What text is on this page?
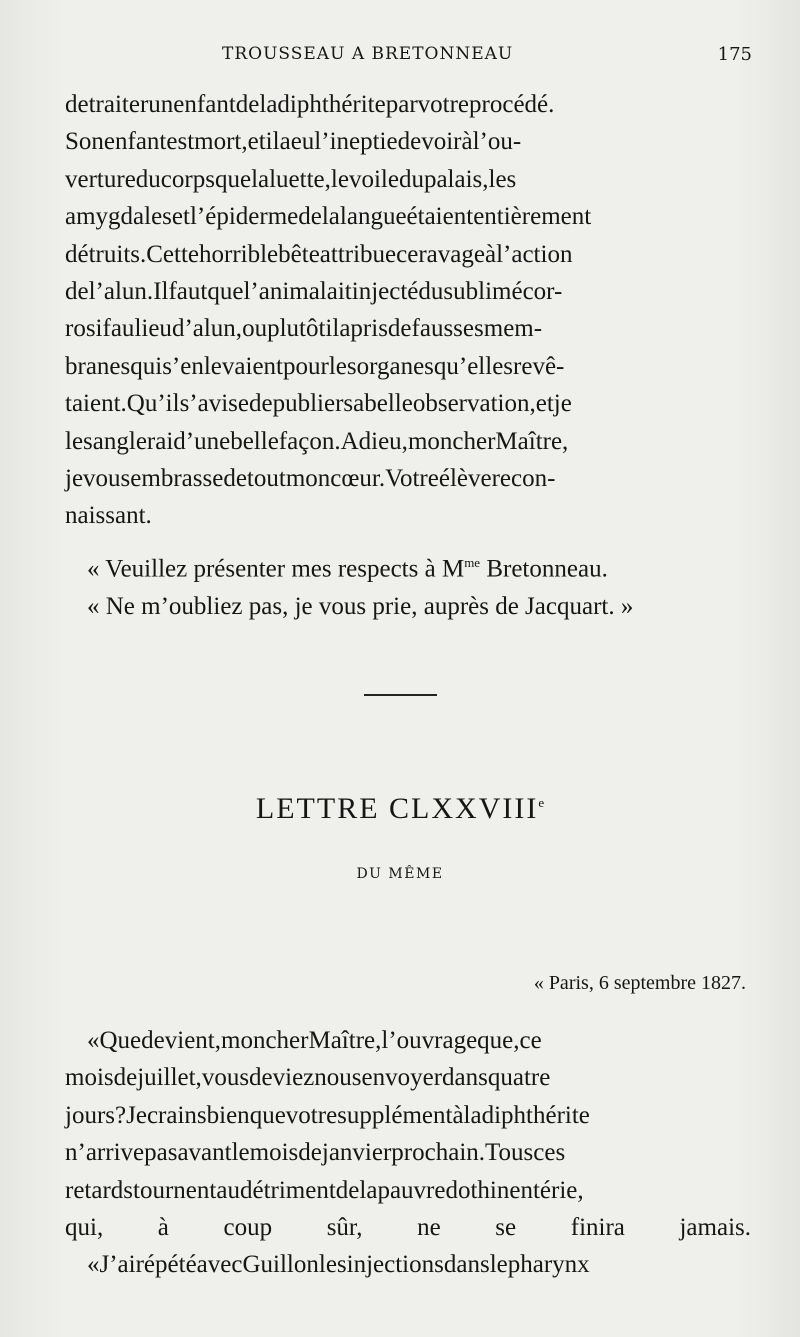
TROUSSEAU A BRETONNEAU	175
detraiterunenfantdeladiphthériteparvotreprocédé.
Sonenfantestmort,etilaeul’ineptiedevoiràl’ou-
vertureducorpsquelaluette,levoiledupalais,les
amygdalesetl’épidermedelalangueétaiententièrement
détruits.Cettehorriblebêteattribueceravageàl’action
del’alun.Ilfautquel’animalaitinjectédusublimécor-
rosifaulieud’alun,ouplutôtilaprisdefaussesmem-
branesquis’enlevaientpourlesorganesqu’ellesrevê-
taient.Qu’ils’avisedepubliersabelleobservation,etje
lesangleraid’unebellefaçon.Adieu,moncherMaître,
jevousembrassedetoutmoncœur.Votreélèverecon-
naissant.
« Veuillez présenter mes respects à $M^{me}$ Bretonneau.
« Ne m’oubliez pas, je vous prie, auprès de Jacquart. »
LETTRE CLXXVIIIe
DU MÊME
« Paris, 6 septembre 1827.
«Quedevient,moncherMaître,l’ouvrageque,ce
moisdejuillet,vousdevieznousenvoyerdansquatre
jours?Jecrainsbienquevotresupplémentàladiphthérite
n’arrivepasavantlemoisdejanvierprochain.Tousces
retardstournentaudétrimentdelapauvredothinentérie,
qui, à coup sûr, ne se finira jamais.
«J’airépétéavecGuillonlesinjectionsdanslepharynx
